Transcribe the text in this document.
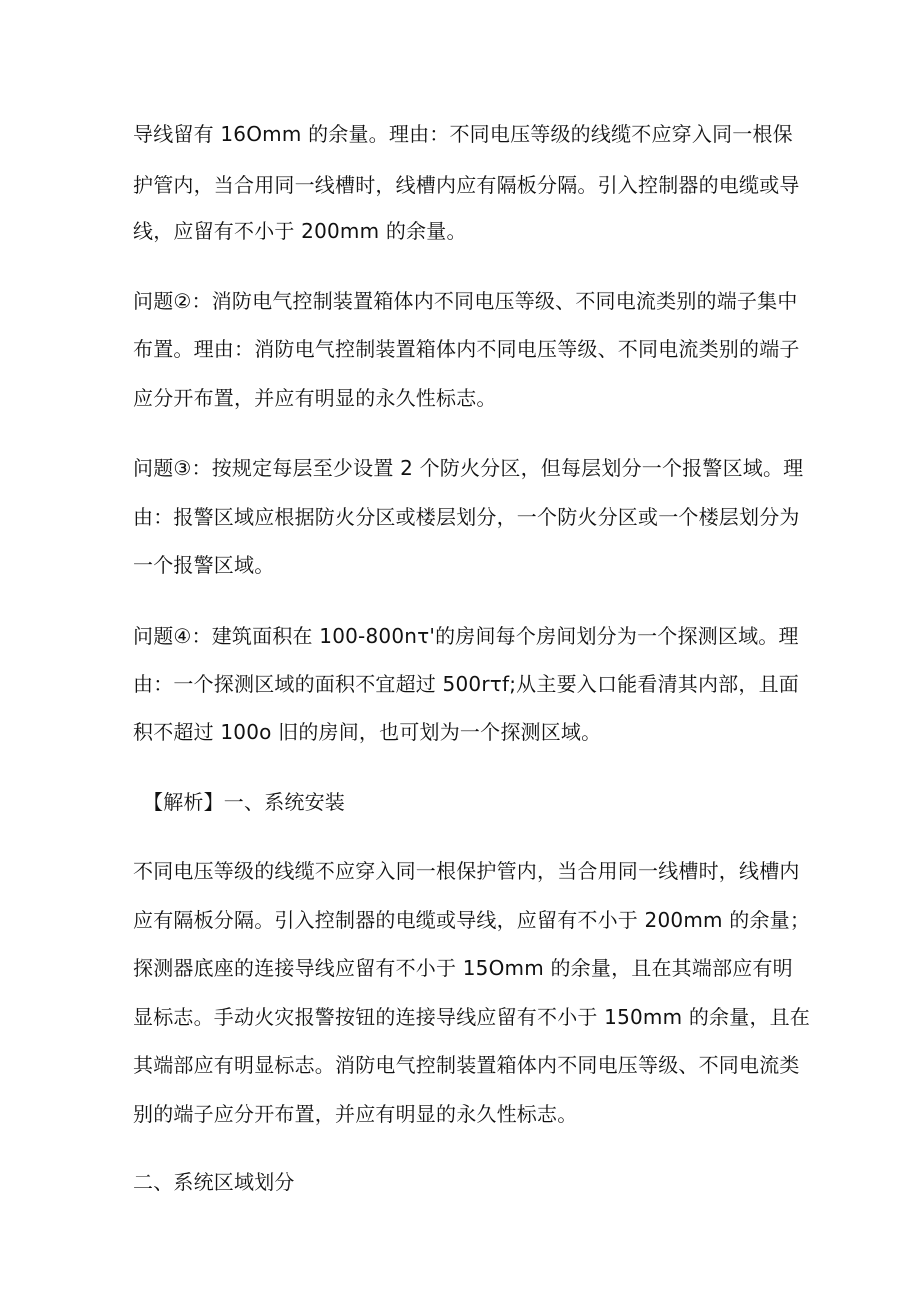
导线留有 16Omm 的余量。理由：不同电压等级的线缆不应穿入同一根保
护管内，当合用同一线槽时，线槽内应有隔板分隔。引入控制器的电缆或导
线，应留有不小于 200mm 的余量。
问题②：消防电气控制装置箱体内不同电压等级、不同电流类别的端子集中
布置。理由：消防电气控制装置箱体内不同电压等级、不同电流类别的端子
应分开布置，并应有明显的永久性标志。
问题③：按规定每层至少设置 2 个防火分区，但每层划分一个报警区域。理
由：报警区域应根据防火分区或楼层划分，一个防火分区或一个楼层划分为
一个报警区域。
问题④：建筑面积在 100-800nτ'的房间每个房间划分为一个探测区域。理
由：一个探测区域的面积不宜超过 500rτf;从主要入口能看清其内部，且面
积不超过 100o 旧的房间，也可划为一个探测区域。
【解析】一、系统安装
不同电压等级的线缆不应穿入同一根保护管内，当合用同一线槽时，线槽内
应有隔板分隔。引入控制器的电缆或导线，应留有不小于 200mm 的余量；
探测器底座的连接导线应留有不小于 15Omm 的余量，且在其端部应有明
显标志。手动火灾报警按钮的连接导线应留有不小于 150mm 的余量，且在
其端部应有明显标志。消防电气控制装置箱体内不同电压等级、不同电流类
别的端子应分开布置，并应有明显的永久性标志。
二、系统区域划分
